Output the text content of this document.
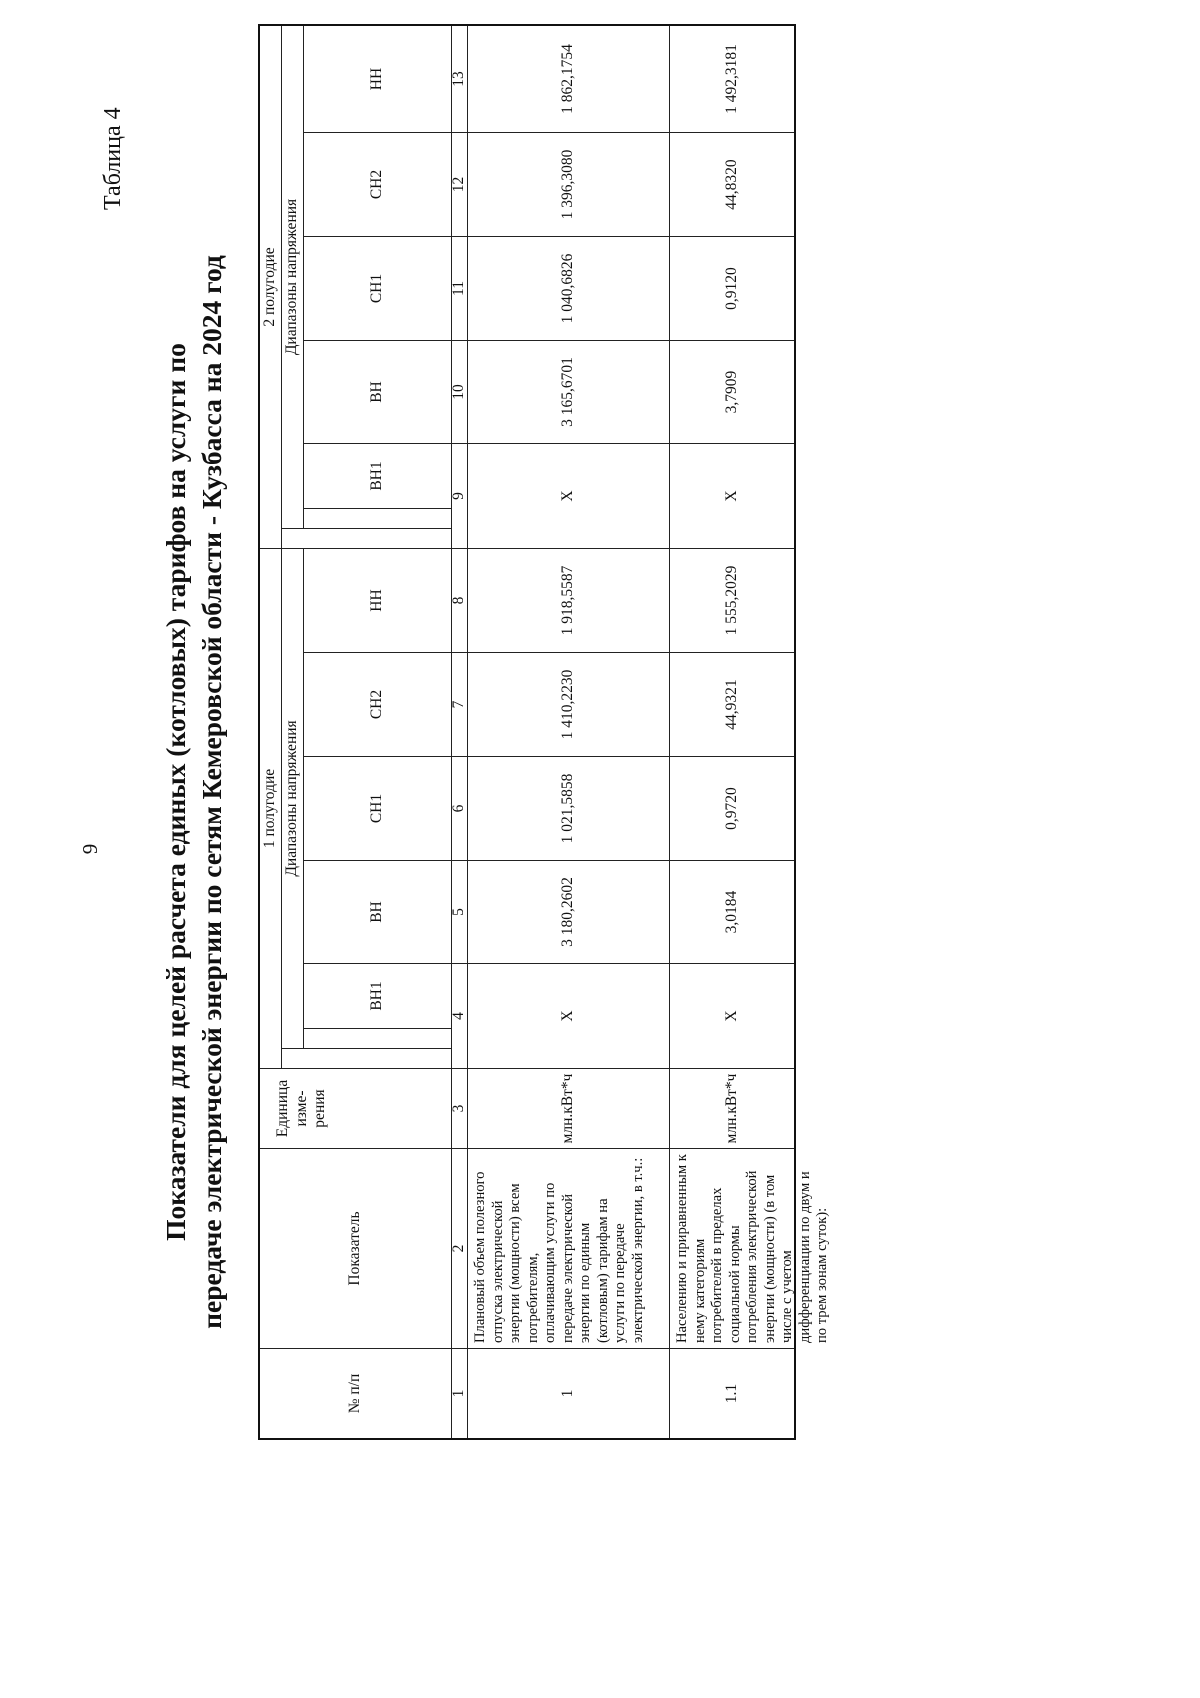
9
Таблица 4
Показатели для целей расчета единых (котловых) тарифов на услуги по передаче электрической энергии по сетям Кемеровской области - Кузбасса на 2024 год
№ п/п
Показатель
Единица изме- рения
1 полугодие Диапазоны напряжения
ВН1
ВН
СН1
СН2
НН
2 полугодие Диапазоны напряжения
ВН1
ВН
СН1
СН2
НН
1
2
3
4
5
6
7
8
9
10
11
12
13
1
Плановый объем полезного отпуска электрической энергии (мощности) всем потребителям, оплачивающим услуги по передаче электрической энергии по единым (котловым) тарифам на услуги по передаче электрической энергии, в т.ч.:
млн.кВт*ч
Х
3 180,2602
1 021,5858
1 410,2230
1 918,5587
Х
3 165,6701
1 040,6826
1 396,3080
1 862,1754
1.1
Населению и приравненным к нему категориям потребителей в пределах социальной нормы потребления электрической энергии (мощности) (в том числе с учетом дифференциации по двум и по трем зонам суток):
млн.кВт*ч
Х
3,0184
0,9720
44,9321
1 555,2029
Х
3,7909
0,9120
44,8320
1 492,3181
